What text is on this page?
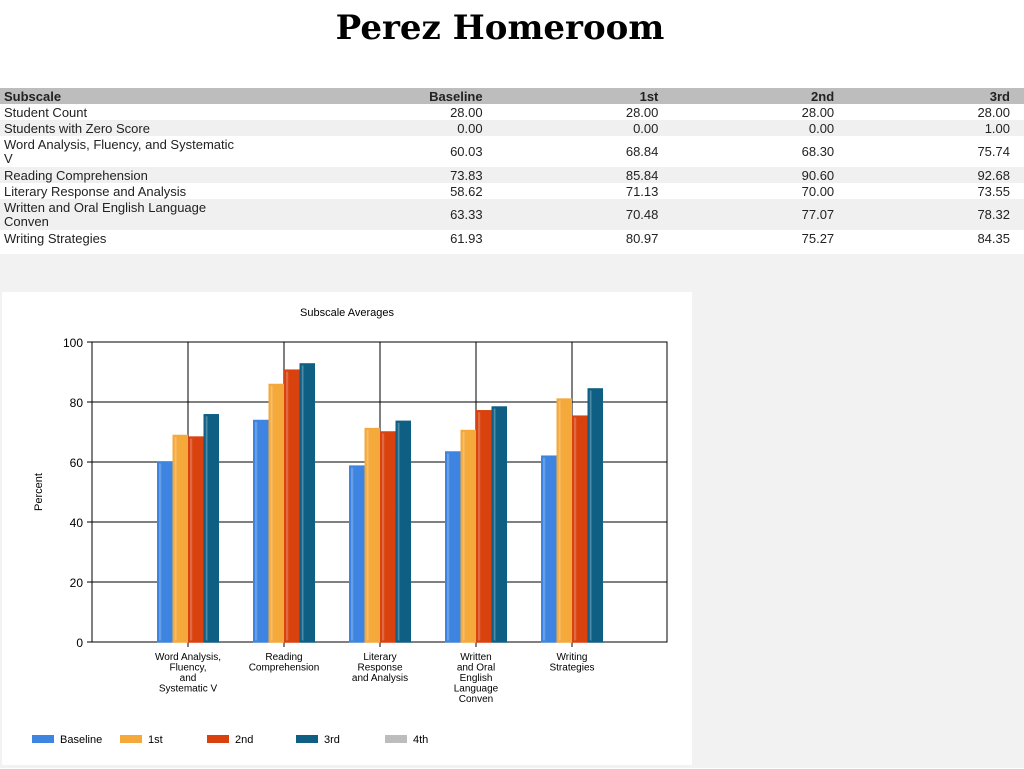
Perez Homeroom
Subscale	Baseline	1st	2nd	3rd
Student Count	28.00	28.00	28.00	28.00
Students with Zero Score	0.00	0.00	0.00	1.00
Word Analysis, Fluency, and Systematic V	60.03	68.84	68.30	75.74
Reading Comprehension	73.83	85.84	90.60	92.68
Literary Response and Analysis	58.62	71.13	70.00	73.55
Written and Oral English Language Conven	63.33	70.48	77.07	78.32
Writing Strategies	61.93	80.97	75.27	84.35
Subscale Averages
Percent
0
20
40
60
80
100
Word Analysis,
Fluency,
and
Systematic V
Reading
Comprehension
Literary
Response
and Analysis
Written
and Oral
English
Language
Conven
Writing
Strategies
Baseline	1st	2nd	3rd	4th
